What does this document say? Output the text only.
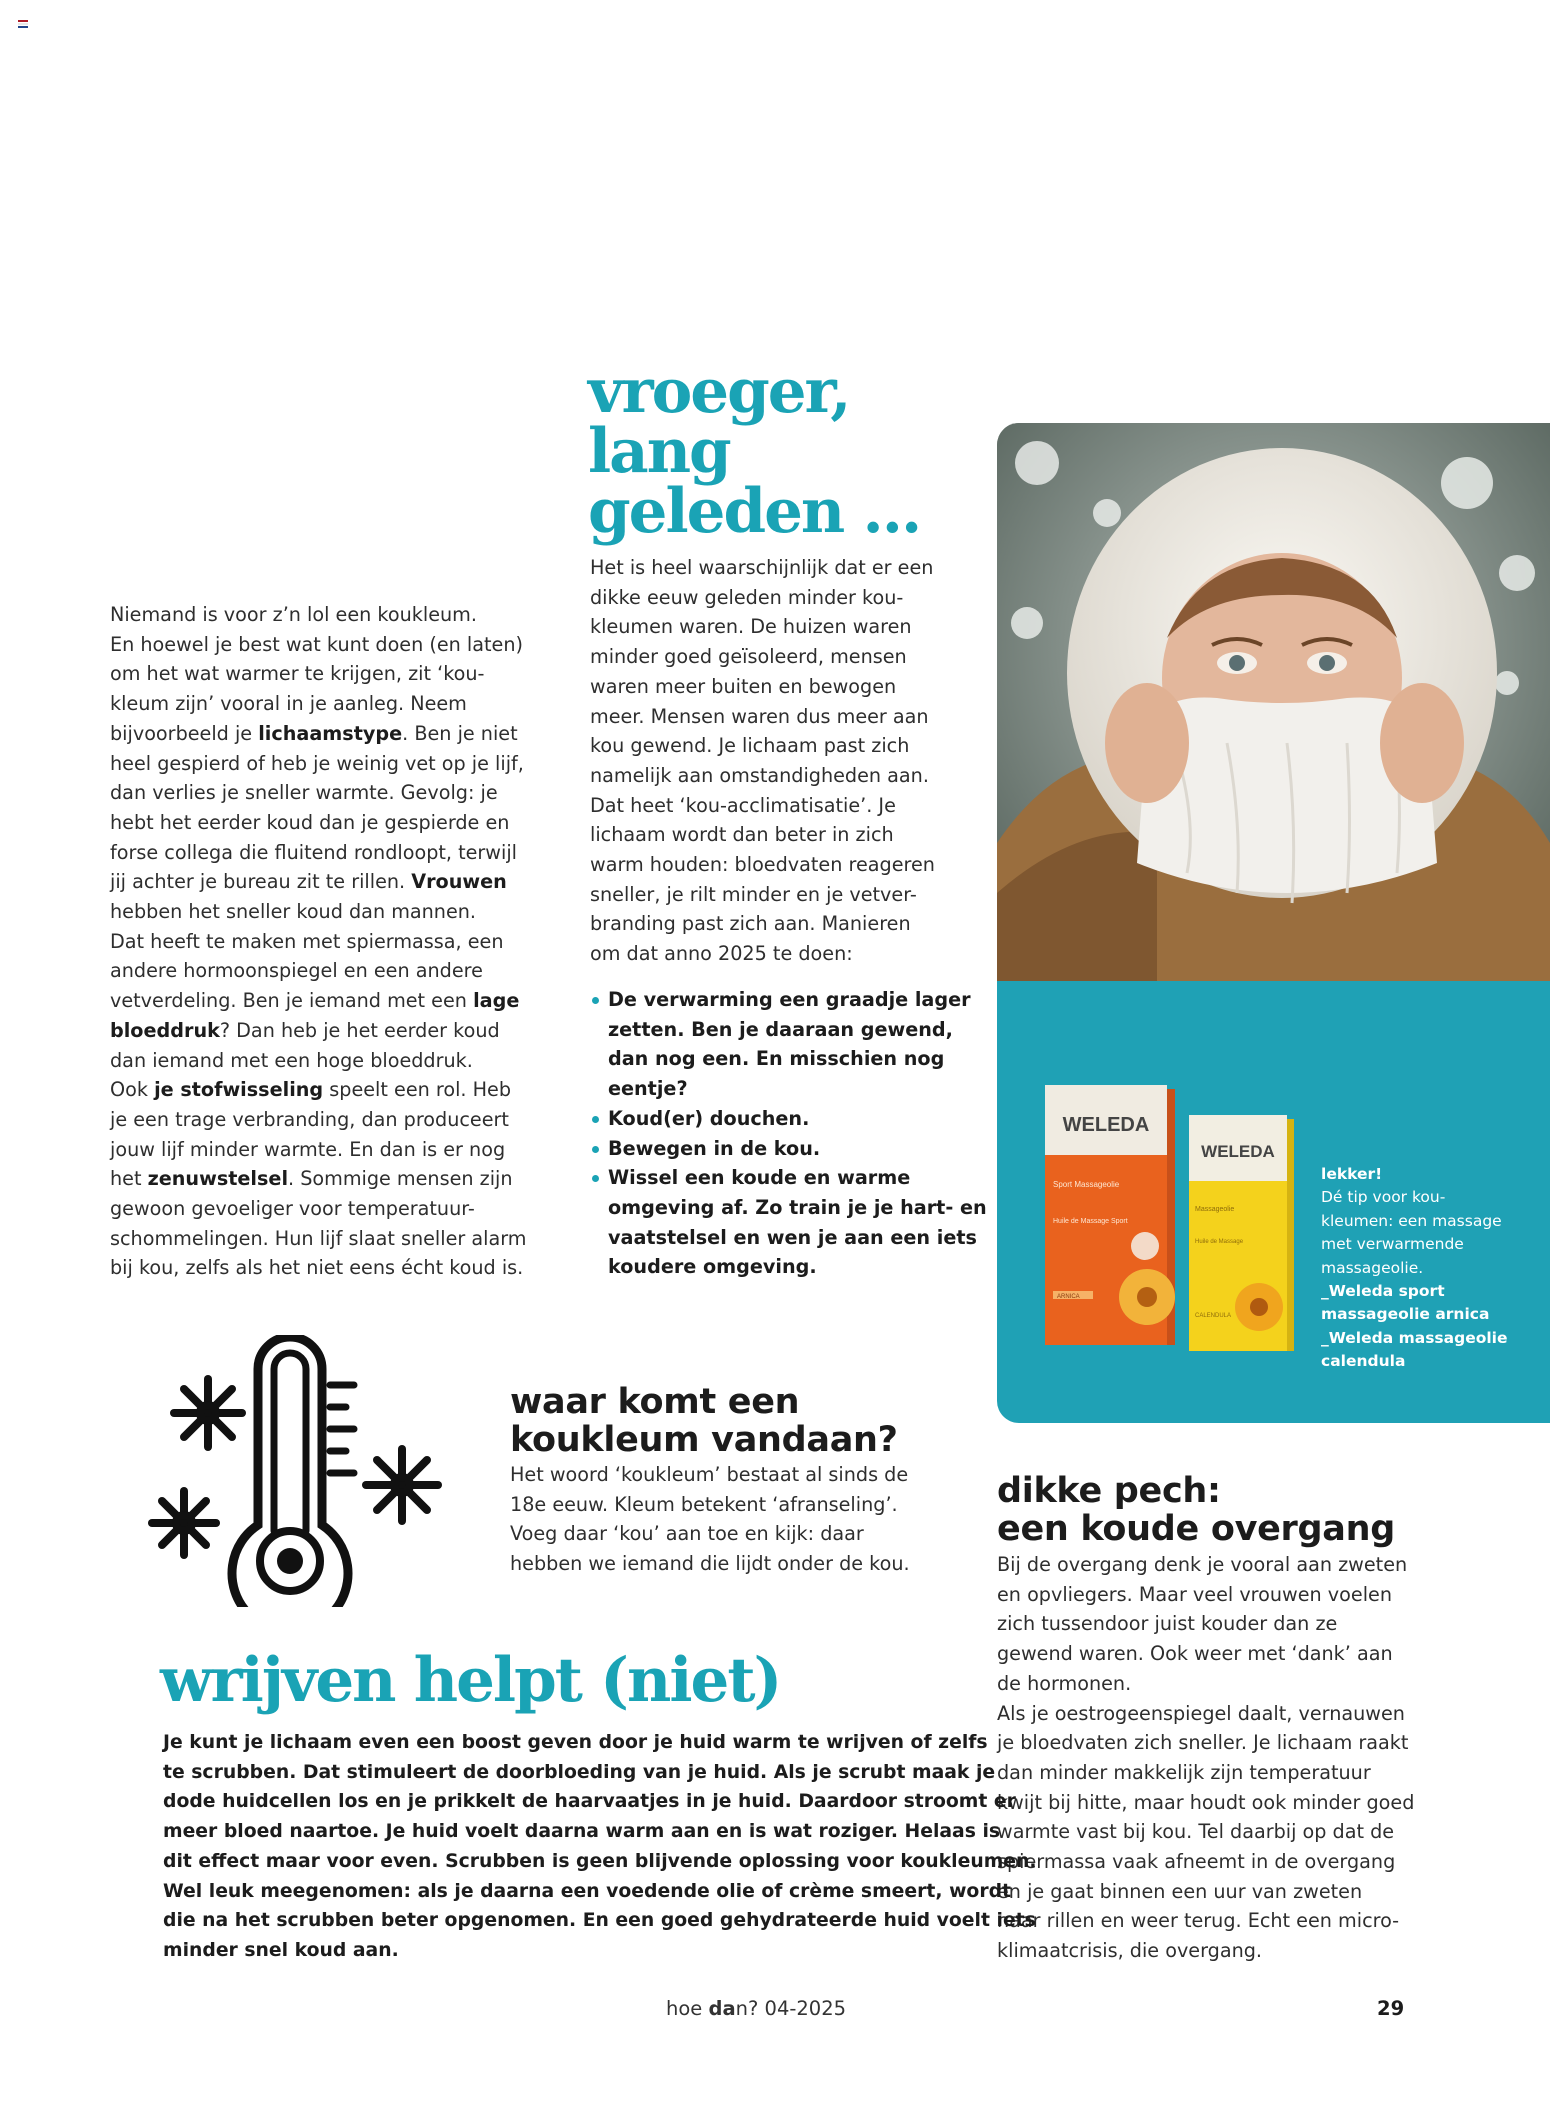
vroeger,
lang
geleden ...
Niemand is voor z’n lol een koukleum.
En hoewel je best wat kunt doen (en laten)
om het wat warmer te krijgen, zit ‘kou-
kleum zijn’ vooral in je aanleg. Neem
bijvoorbeeld je lichaamstype. Ben je niet
heel gespierd of heb je weinig vet op je lijf,
dan verlies je sneller warmte. Gevolg: je
hebt het eerder koud dan je gespierde en
forse collega die fluitend rondloopt, terwijl
jij achter je bureau zit te rillen. Vrouwen
hebben het sneller koud dan mannen.
Dat heeft te maken met spiermassa, een
andere hormoonspiegel en een andere
vetverdeling. Ben je iemand met een lage
bloeddruk? Dan heb je het eerder koud
dan iemand met een hoge bloeddruk.
Ook je stofwisseling speelt een rol. Heb
je een trage verbranding, dan produceert
jouw lijf minder warmte. En dan is er nog
het zenuwstelsel. Sommige mensen zijn
gewoon gevoeliger voor temperatuur-
schommelingen. Hun lijf slaat sneller alarm
bij kou, zelfs als het niet eens écht koud is.
Het is heel waarschijnlijk dat er een
dikke eeuw geleden minder kou-
kleumen waren. De huizen waren
minder goed geïsoleerd, mensen
waren meer buiten en bewogen
meer. Mensen waren dus meer aan
kou gewend. Je lichaam past zich
namelijk aan omstandigheden aan.
Dat heet ‘kou-acclimatisatie’. Je
lichaam wordt dan beter in zich
warm houden: bloedvaten reageren
sneller, je rilt minder en je vetver-
branding past zich aan. Manieren
om dat anno 2025 te doen:
De verwarming een graadje lager
zetten. Ben je daaraan gewend,
dan nog een. En misschien nog
eentje?
Koud(er) douchen.
Bewegen in de kou.
Wissel een koude en warme
omgeving af. Zo train je je hart- en
vaatstelsel en wen je aan een iets
koudere omgeving.
WELEDA
Sport Massageolie
Huile de Massage Sport
ARNICA
WELEDA
Massageolie
Huile de Massage
CALENDULA
lekker!
Dé tip voor kou-
kleumen: een massage
met verwarmende
massageolie.
_Weleda sport
massageolie arnica
_Weleda massageolie
calendula
waar komt een
koukleum vandaan?
Het woord ‘koukleum’ bestaat al sinds de
18e eeuw. Kleum betekent ‘afranseling’.
Voeg daar ‘kou’ aan toe en kijk: daar
hebben we iemand die lijdt onder de kou.
dikke pech:
een koude overgang
Bij de overgang denk je vooral aan zweten
en opvliegers. Maar veel vrouwen voelen
zich tussendoor juist kouder dan ze
gewend waren. Ook weer met ‘dank’ aan
de hormonen.
Als je oestrogeenspiegel daalt, vernauwen
je bloedvaten zich sneller. Je lichaam raakt
dan minder makkelijk zijn temperatuur
kwijt bij hitte, maar houdt ook minder goed
warmte vast bij kou. Tel daarbij op dat de
spiermassa vaak afneemt in de overgang
en je gaat binnen een uur van zweten
naar rillen en weer terug. Echt een micro-
klimaatcrisis, die overgang.
wrijven helpt (niet)
Je kunt je lichaam even een boost geven door je huid warm te wrijven of zelfs
te scrubben. Dat stimuleert de doorbloeding van je huid. Als je scrubt maak je
dode huidcellen los en je prikkelt de haarvaatjes in je huid. Daardoor stroomt er
meer bloed naartoe. Je huid voelt daarna warm aan en is wat roziger. Helaas is
dit effect maar voor even. Scrubben is geen blijvende oplossing voor koukleumen.
Wel leuk meegenomen: als je daarna een voedende olie of crème smeert, wordt
die na het scrubben beter opgenomen. En een goed gehydrateerde huid voelt iets
minder snel koud aan.
hoe dan? 04-2025	29
